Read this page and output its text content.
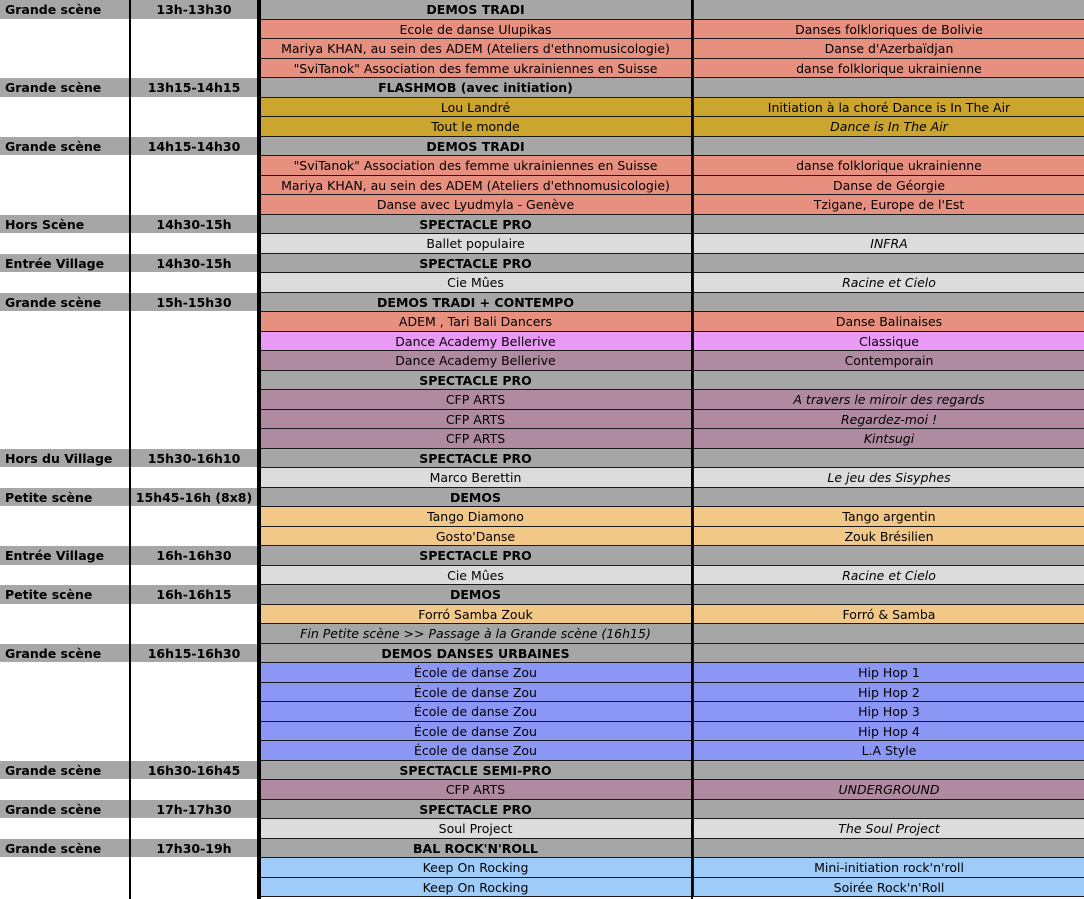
Grande scène	13h-13h30	DEMOS TRADI
Ecole de danse Ulupikas	Danses folkloriques de Bolivie
Mariya KHAN, au sein des ADEM (Ateliers d'ethnomusicologie)	Danse d'Azerbaïdjan
"SviTanok" Association des femme ukrainiennes en Suisse	danse folklorique ukrainienne
Grande scène	13h15-14h15	FLASHMOB (avec initiation)
Lou Landré	Initiation à la choré Dance is In The Air
Tout le monde	Dance is In The Air
Grande scène	14h15-14h30	DEMOS TRADI
"SviTanok" Association des femme ukrainiennes en Suisse	danse folklorique ukrainienne
Mariya KHAN, au sein des ADEM (Ateliers d'ethnomusicologie)	Danse de Géorgie
Danse avec Lyudmyla - Genève	Tzigane, Europe de l'Est
Hors Scène	14h30-15h	SPECTACLE PRO
Ballet populaire	INFRA
Entrée Village	14h30-15h	SPECTACLE PRO
Cie Mûes	Racine et Cielo
Grande scène	15h-15h30	DEMOS TRADI + CONTEMPO
ADEM , Tari Bali Dancers	Danse Balinaises
Dance Academy Bellerive	Classique
Dance Academy Bellerive	Contemporain
SPECTACLE PRO
CFP ARTS	A travers le miroir des regards
CFP ARTS	Regardez-moi !
CFP ARTS	Kintsugi
Hors du Village	15h30-16h10	SPECTACLE PRO
Marco Berettin	Le jeu des Sisyphes
Petite scène	15h45-16h (8x8)	DEMOS
Tango Diamono	Tango argentin
Gosto'Danse	Zouk Brésilien
Entrée Village	16h-16h30	SPECTACLE PRO
Cie Mûes	Racine et Cielo
Petite scène	16h-16h15	DEMOS
Forró Samba Zouk	Forró & Samba
Fin Petite scène >> Passage à la Grande scène (16h15)
Grande scène	16h15-16h30	DEMOS DANSES URBAINES
École de danse Zou	Hip Hop 1
École de danse Zou	Hip Hop 2
École de danse Zou	Hip Hop 3
École de danse Zou	Hip Hop 4
École de danse Zou	L.A Style
Grande scène	16h30-16h45	SPECTACLE SEMI-PRO
CFP ARTS	UNDERGROUND
Grande scène	17h-17h30	SPECTACLE PRO
Soul Project	The Soul Project
Grande scène	17h30-19h	BAL ROCK'N'ROLL
Keep On Rocking	Mini-initiation rock'n'roll
Keep On Rocking	Soirée Rock'n'Roll
